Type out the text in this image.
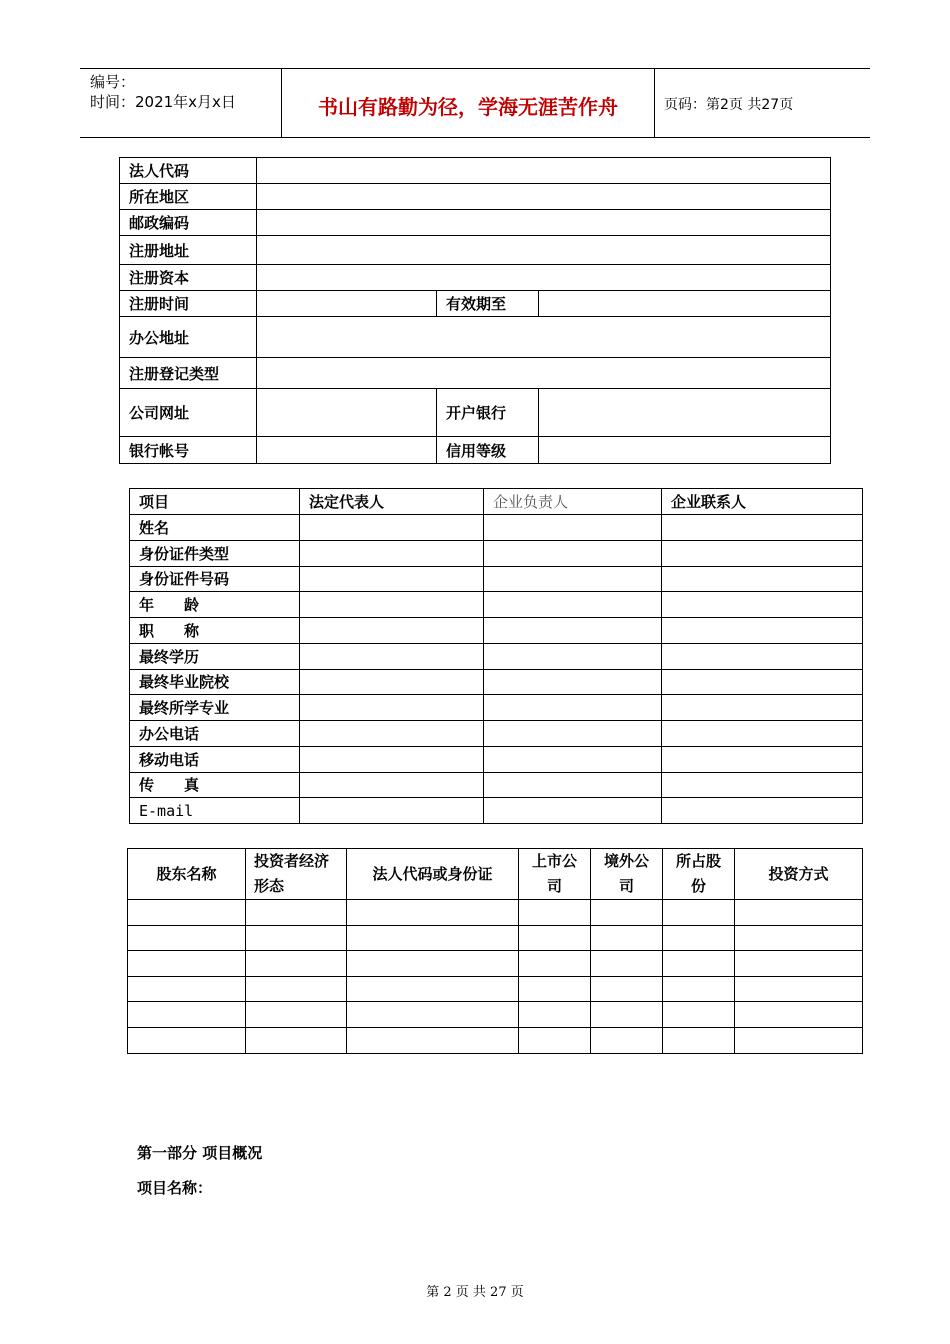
编号：
时间：2021年x月x日	书山有路勤为径，学海无涯苦作舟	页码：第2页 共27页
法人代码			
所在地区			
邮政编码			
注册地址			
注册资本			
注册时间		有效期至	
办公地址			
注册登记类型			
公司网址		开户银行	
银行帐号		信用等级	
项目	法定代表人	企业负责人	企业联系人
姓名			
身份证件类型			
身份证件号码			
年　　龄			
职　　称			
最终学历			
最终毕业院校			
最终所学专业			
办公电话			
移动电话			
传　　真			
E-mail			
股东名称	投资者经济形态	法人代码或身份证	上市公司	境外公司	所占股份	投资方式

第一部分 项目概况
项目名称：
第 2 页 共 27 页
